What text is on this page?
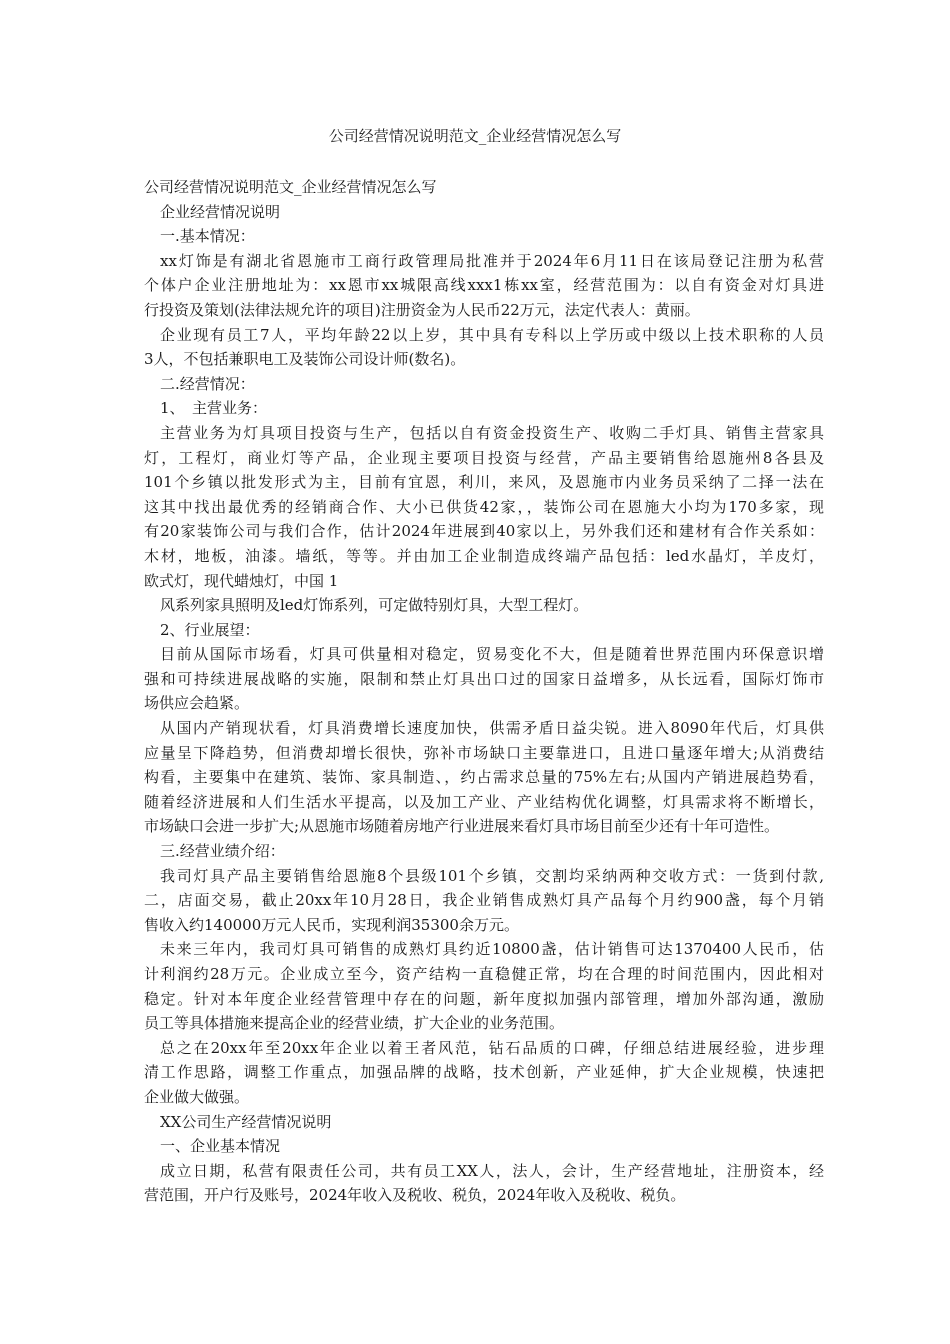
公司经营情况说明范文_企业经营情况怎么写
公司经营情况说明范文_企业经营情况怎么写
企业经营情况说明
一.基本情况：
xx灯饰是有湖北省恩施市工商行政管理局批准并于2024年6月11日在该局登记注册为私营
个体户企业注册地址为：xx恩市xx城限高线xxx1栋xx室，经营范围为：以自有资金对灯具进
行投资及策划(法律法规允许的项目)注册资金为人民币22万元，法定代表人：黄丽。
企业现有员工7人，平均年龄22以上岁，其中具有专科以上学历或中级以上技术职称的人员
3人，不包括兼职电工及装饰公司设计师(数名)。
二.经营情况：
1、　主营业务：
主营业务为灯具项目投资与生产，包括以自有资金投资生产、收购二手灯具、销售主营家具
灯，工程灯，商业灯等产品，企业现主要项目投资与经营，产品主要销售给恩施州8各县及
101个乡镇以批发形式为主，目前有宜恩，利川，来风，及恩施市内业务员采纳了二择一法在
这其中找出最优秀的经销商合作、大小已供货42家，，装饰公司在恩施大小均为170多家，现
有20家装饰公司与我们合作，估计2024年进展到40家以上，另外我们还和建材有合作关系如：
木材，地板，油漆。墙纸，等等。并由加工企业制造成终端产品包括：led水晶灯，羊皮灯，
欧式灯，现代蜡烛灯，中国 1
风系列家具照明及led灯饰系列，可定做特别灯具，大型工程灯。
2、行业展望：
目前从国际市场看，灯具可供量相对稳定，贸易变化不大，但是随着世界范围内环保意识增
强和可持续进展战略的实施，限制和禁止灯具出口过的国家日益增多，从长远看，国际灯饰市
场供应会趋紧。
从国内产销现状看，灯具消费增长速度加快，供需矛盾日益尖锐。进入8090年代后，灯具供
应量呈下降趋势，但消费却增长很快，弥补市场缺口主要靠进口，且进口量逐年增大;从消费结
构看，主要集中在建筑、装饰、家具制造、，约占需求总量的75%左右;从国内产销进展趋势看，
随着经济进展和人们生活水平提高，以及加工产业、产业结构优化调整，灯具需求将不断增长，
市场缺口会进一步扩大;从恩施市场随着房地产行业进展来看灯具市场目前至少还有十年可造性。
三.经营业绩介绍：
我司灯具产品主要销售给恩施8个县级101个乡镇，交割均采纳两种交收方式：一货到付款,
二，店面交易，截止20xx年10月28日，我企业销售成熟灯具产品每个月约900盏，每个月销
售收入约140000万元人民币，实现利润35300余万元。
未来三年内，我司灯具可销售的成熟灯具约近10800盏，估计销售可达1370400人民币，估
计利润约28万元。企业成立至今，资产结构一直稳健正常，均在合理的时间范围内，因此相对
稳定。针对本年度企业经营管理中存在的问题，新年度拟加强内部管理，增加外部沟通，激励
员工等具体措施来提高企业的经营业绩，扩大企业的业务范围。
总之在20xx年至20xx年企业以着王者风范，钻石品质的口碑，仔细总结进展经验，进步理
清工作思路，调整工作重点，加强品牌的战略，技术创新，产业延伸，扩大企业规模，快速把
企业做大做强。
XX公司生产经营情况说明
一、企业基本情况
成立日期，私营有限责任公司，共有员工XX人，法人，会计，生产经营地址，注册资本，经
营范围，开户行及账号，2024年收入及税收、税负，2024年收入及税收、税负。
